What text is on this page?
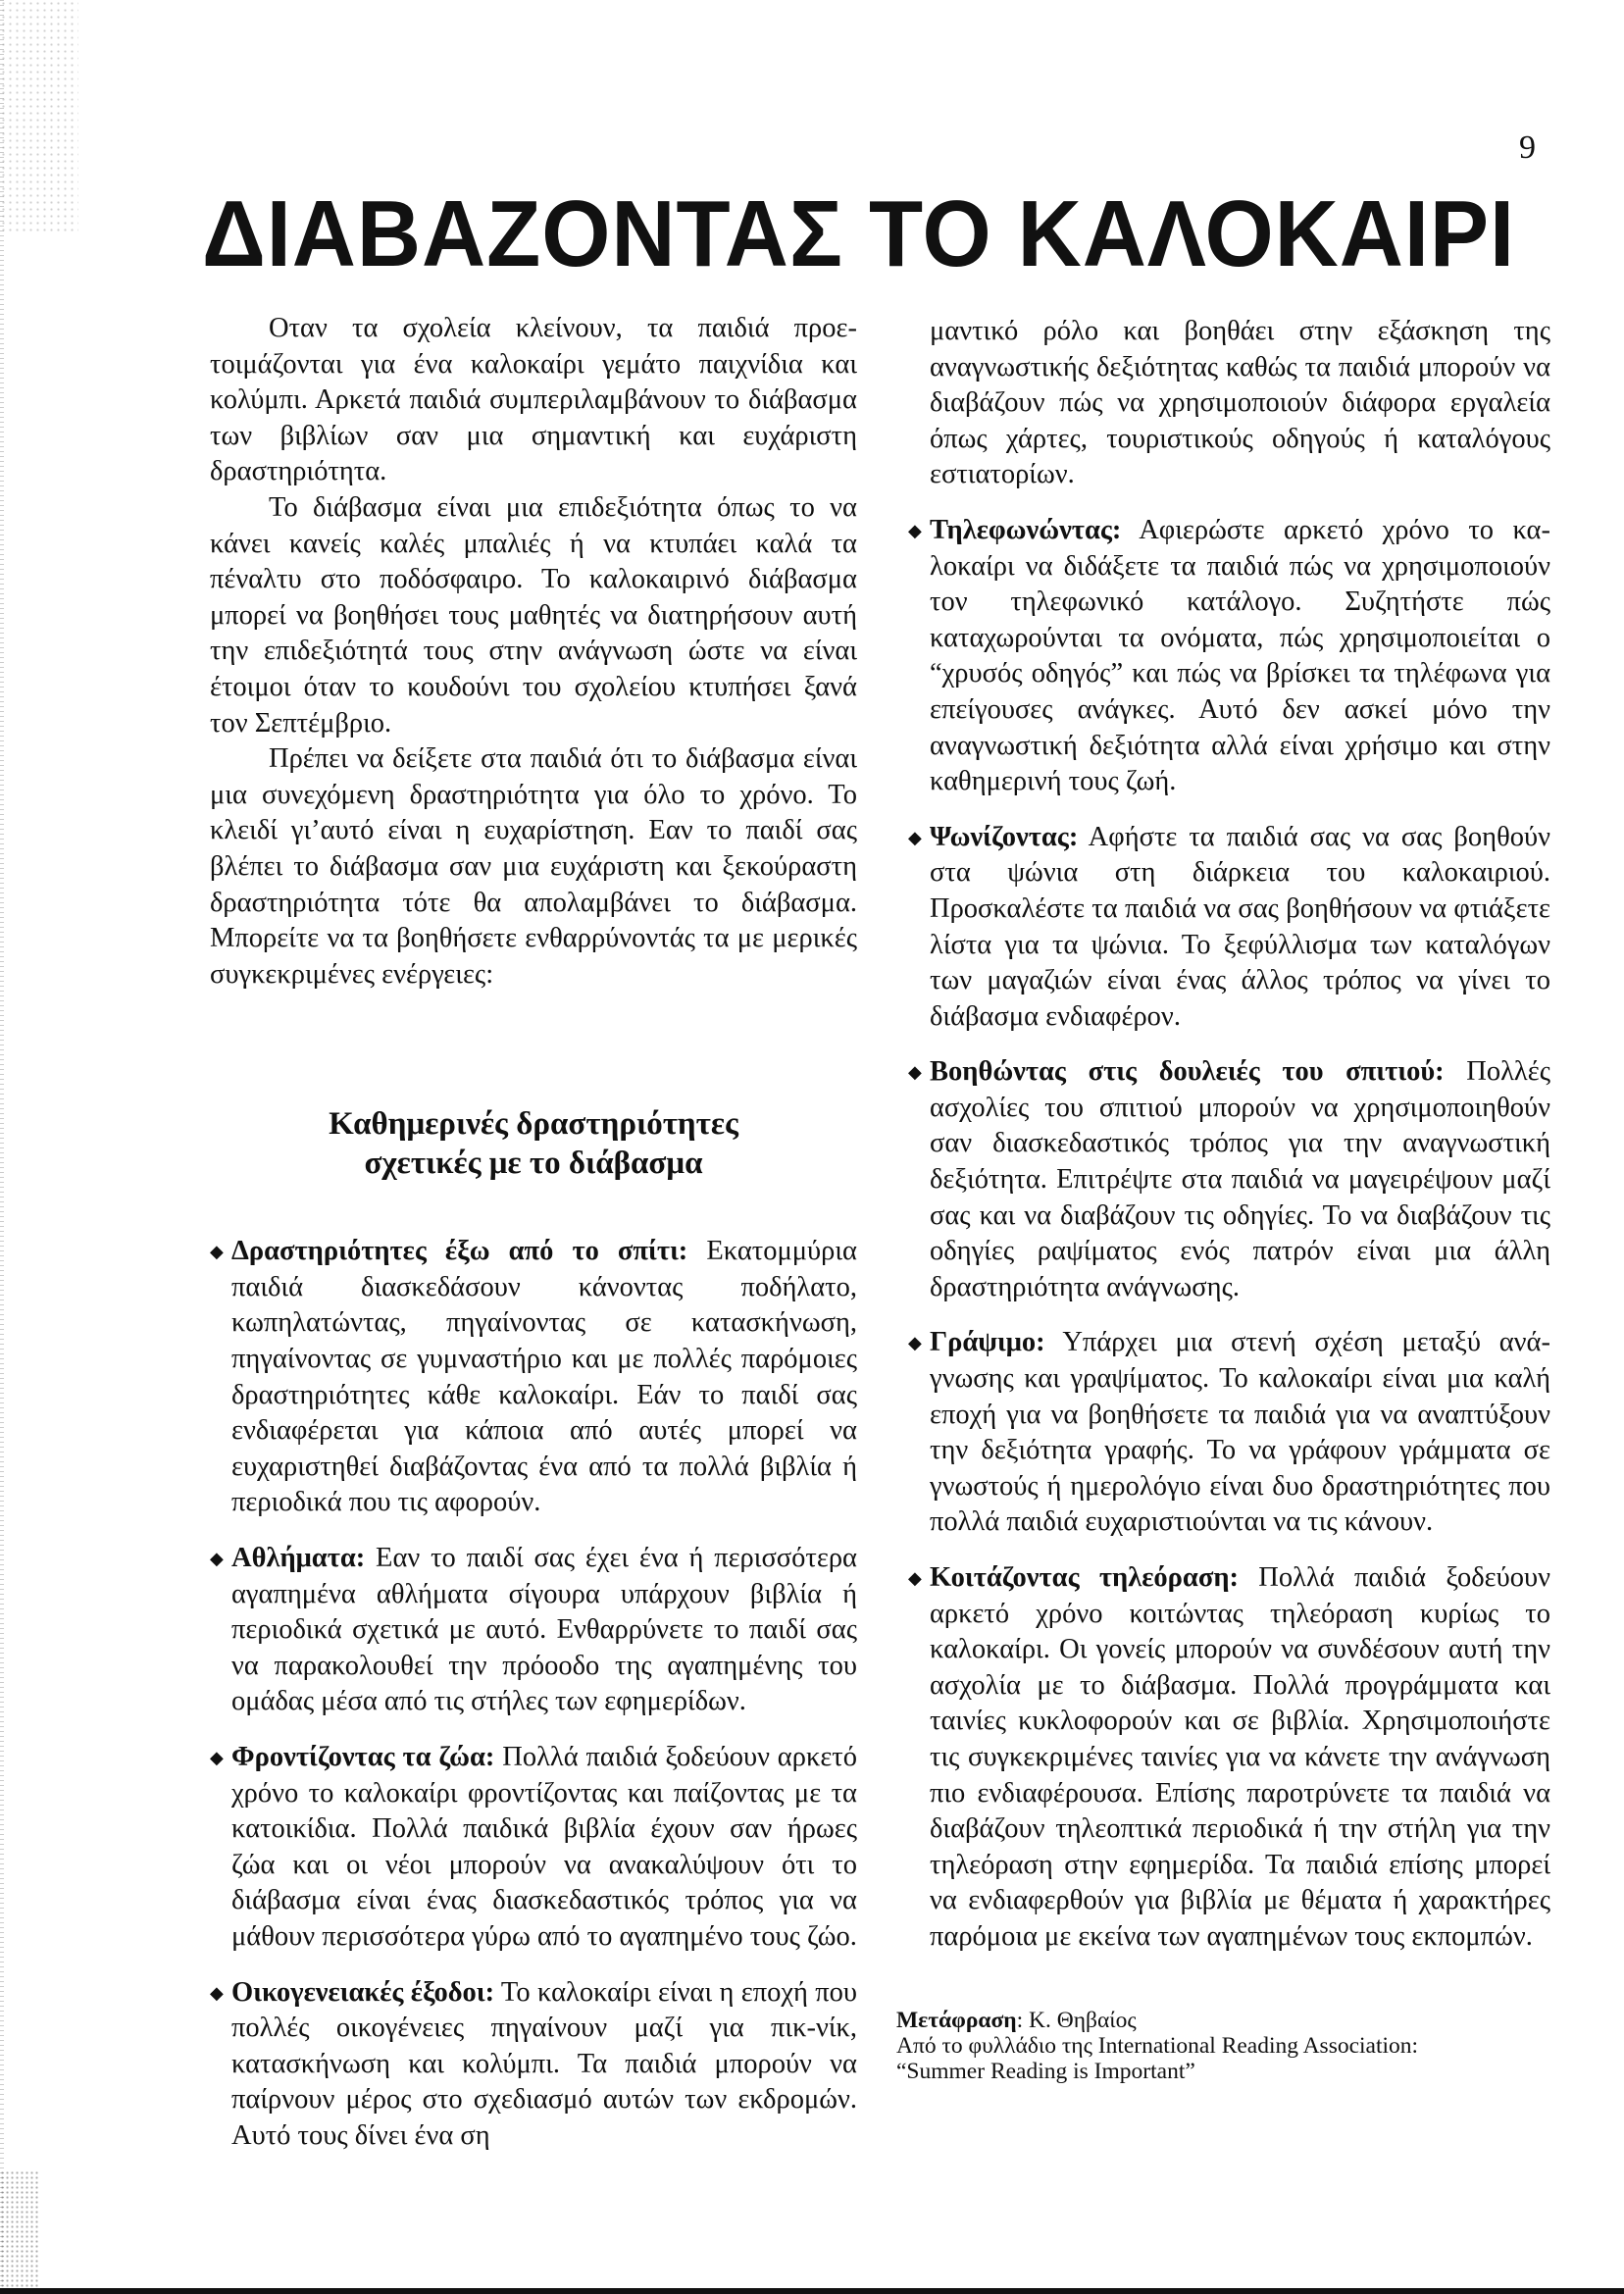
9
ΔΙΑΒΑΖΟΝΤΑΣ ΤΟ ΚΑΛΟΚΑΙΡΙ

Οταν τα σχολεία κλείνουν, τα παιδιά προετοιμάζονται για ένα καλοκαίρι γεμάτο παιχνίδια και κολύμπι. Αρκετά παιδιά συμπεριλαμβάνουν το διάβασμα των βιβλίων σαν μια σημαντική και ευχάριστη δραστηριότητα.

Το διάβασμα είναι μια επιδεξιότητα όπως το να κάνει κανείς καλές μπαλιές ή να κτυπάει καλά τα πέναλτυ στο ποδόσφαιρο. Το καλοκαιρινό διάβασμα μπορεί να βοηθήσει τους μαθητές να διατηρήσουν αυτή την επιδεξιότητά τους στην ανάγνωση ώστε να είναι έτοιμοι όταν το κουδούνι του σχολείου κτυπήσει ξανά τον Σεπτέμβριο.

Πρέπει να δείξετε στα παιδιά ότι το διάβασμα είναι μια συνεχόμενη δραστηριότητα για όλο το χρόνο. Το κλειδί γι’αυτό είναι η ευχαρίστηση. Εαν το παιδί σας βλέπει το διάβασμα σαν μια ευχάριστη και ξεκούραστη δραστηριότητα τότε θα απολαμβάνει το διάβασμα. Μπορείτε να τα βοηθήσετε ενθαρρύνοντάς τα με μερικές συγκεκριμένες ενέργειες:

Καθημερινές δραστηριότητες
σχετικές με το διάβασμα

◆ Δραστηριότητες έξω από το σπίτι: Εκατομμύρια παιδιά διασκεδάσουν κάνοντας ποδήλατο, κωπηλατώντας, πηγαίνοντας σε κατασκήνωση, πηγαίνοντας σε γυμναστήριο και με πολλές παρόμοιες δραστηριότητες κάθε καλοκαίρι. Εάν το παιδί σας ενδιαφέρεται για κάποια από αυτές μπορεί να ευχαριστηθεί διαβάζοντας ένα από τα πολλά βιβλία ή περιοδικά που τις αφορούν.

◆ Αθλήματα: Εαν το παιδί σας έχει ένα ή περισσότερα αγαπημένα αθλήματα σίγουρα υπάρχουν βιβλία ή περιοδικά σχετικά με αυτό. Ενθαρρύνετε το παιδί σας να παρακολουθεί την πρόοοδο της αγαπημένης του ομάδας μέσα από τις στήλες των εφημερίδων.

◆ Φροντίζοντας τα ζώα: Πολλά παιδιά ξοδεύουν αρκετό χρόνο το καλοκαίρι φροντίζοντας και παίζοντας με τα κατοικίδια. Πολλά παιδικά βιβλία έχουν σαν ήρωες ζώα και οι νέοι μπορούν να ανακαλύψουν ότι το διάβασμα είναι ένας διασκεδαστικός τρόπος για να μάθουν περισσότερα γύρω από το αγαπημένο τους ζώο.

◆ Οικογενειακές έξοδοι: Το καλοκαίρι είναι η εποχή που πολλές οικογένειες πηγαίνουν μαζί για πικ-νίκ, κατασκήνωση και κολύμπι. Τα παιδιά μπορούν να παίρνουν μέρος στο σχεδιασμό αυτών των εκδρομών. Αυτό τους δίνει ένα ση

μαντικό ρόλο και βοηθάει στην εξάσκηση της αναγνωστικής δεξιότητας καθώς τα παιδιά μπορούν να διαβάζουν πώς να χρησιμοποιούν διάφορα εργαλεία όπως χάρτες, τουριστικούς οδηγούς ή καταλόγους εστιατορίων.

◆ Τηλεφωνώντας: Αφιερώστε αρκετό χρόνο το καλοκαίρι να διδάξετε τα παιδιά πώς να χρησιμοποιούν τον τηλεφωνικό κατάλογο. Συζητήστε πώς καταχωρούνται τα ονόματα, πώς χρησιμοποιείται ο “χρυσός οδηγός” και πώς να βρίσκει τα τηλέφωνα για επείγουσες ανάγκες. Αυτό δεν ασκεί μόνο την αναγνωστική δεξιότητα αλλά είναι χρήσιμο και στην καθημερινή τους ζωή.

◆ Ψωνίζοντας: Αφήστε τα παιδιά σας να σας βοηθούν στα ψώνια στη διάρκεια του καλοκαιριού. Προσκαλέστε τα παιδιά να σας βοηθήσουν να φτιάξετε λίστα για τα ψώνια. Το ξεφύλλισμα των καταλόγων των μαγαζιών είναι ένας άλλος τρόπος να γίνει το διάβασμα ενδιαφέρον.

◆ Βοηθώντας στις δουλειές του σπιτιού: Πολλές ασχολίες του σπιτιού μπορούν να χρησιμοποιηθούν σαν διασκεδαστικός τρόπος για την αναγνωστική δεξιότητα. Επιτρέψτε στα παιδιά να μαγειρέψουν μαζί σας και να διαβάζουν τις οδηγίες. Το να διαβάζουν τις οδηγίες ραψίματος ενός πατρόν είναι μια άλλη δραστηριότητα ανάγνωσης.

◆ Γράψιμο: Υπάρχει μια στενή σχέση μεταξύ ανάγνωσης και γραψίματος. Το καλοκαίρι είναι μια καλή εποχή για να βοηθήσετε τα παιδιά για να αναπτύξουν την δεξιότητα γραφής. Το να γράφουν γράμματα σε γνωστούς ή ημερολόγιο είναι δυο δραστηριότητες που πολλά παιδιά ευχαριστιούνται να τις κάνουν.

◆ Κοιτάζοντας τηλεόραση: Πολλά παιδιά ξοδεύουν αρκετό χρόνο κοιτώντας τηλεόραση κυρίως το καλοκαίρι. Οι γονείς μπορούν να συνδέσουν αυτή την ασχολία με το διάβασμα. Πολλά προγράμματα και ταινίες κυκλοφορούν και σε βιβλία. Χρησιμοποιήστε τις συγκεκριμένες ταινίες για να κάνετε την ανάγνωση πιο ενδιαφέρουσα. Επίσης παροτρύνετε τα παιδιά να διαβάζουν τηλεοπτικά περιοδικά ή την στήλη για την τηλεόραση στην εφημερίδα. Τα παιδιά επίσης μπορεί να ενδιαφερθούν για βιβλία με θέματα ή χαρακτήρες παρόμοια με εκείνα των αγαπημένων τους εκπομπών.

Μετάφραση: Κ. Θηβαίος
Από το φυλλάδιο της International Reading Association:
“Summer Reading is Important”
